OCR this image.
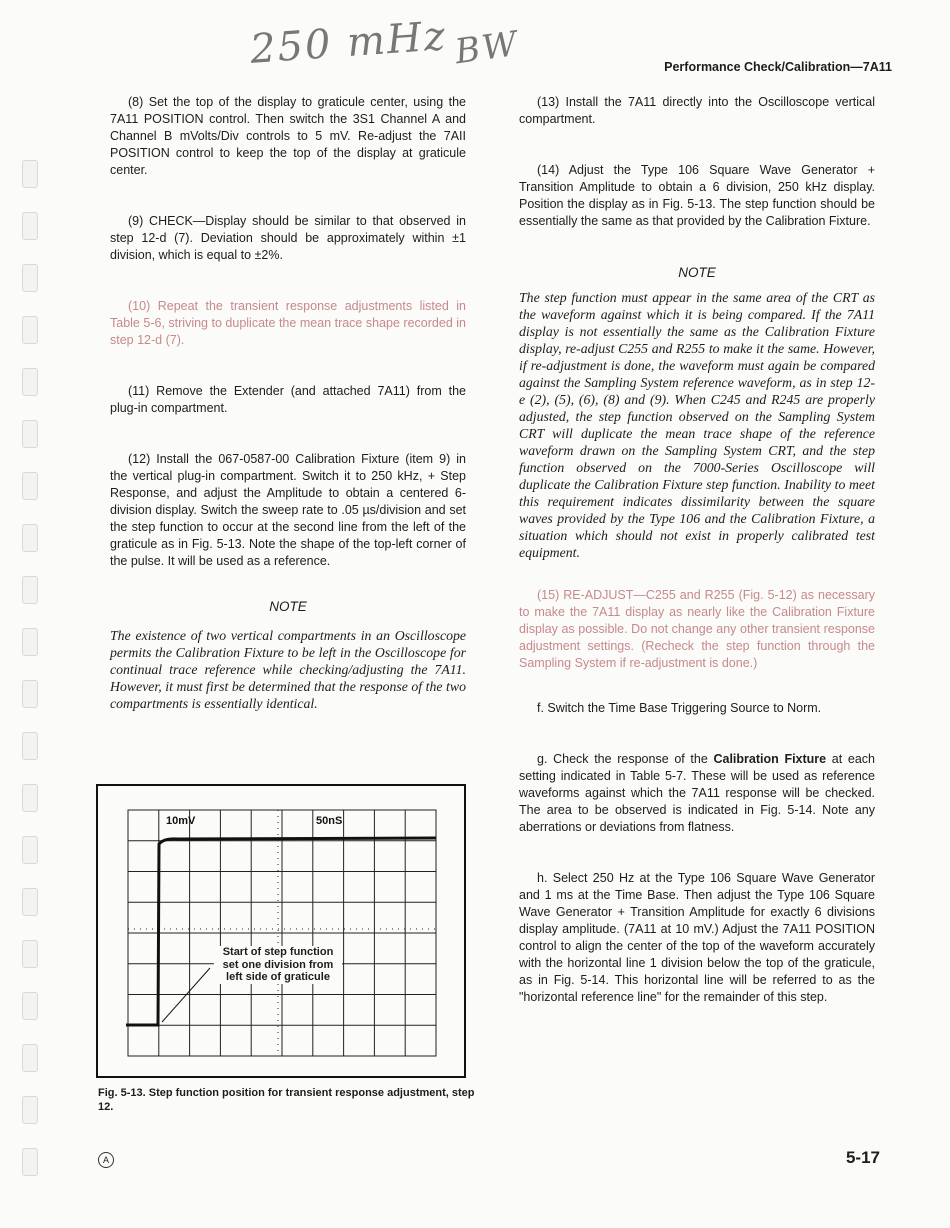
250 mHz BW	Performance Check/Calibration—7A11

(8) Set the top of the display to graticule center, using the 7A11 POSITION control. Then switch the 3S1 Channel A and Channel B mVolts/Div controls to 5 mV. Re-adjust the 7AII POSITION control to keep the top of the display at graticule center.

(9) CHECK—Display should be similar to that observed in step 12-d (7). Deviation should be approximately within ±1 division, which is equal to ±2%.

(10) Repeat the transient response adjustments listed in Table 5-6, striving to duplicate the mean trace shape recorded in step 12-d (7).

(11) Remove the Extender (and attached 7A11) from the plug-in compartment.

(12) Install the 067-0587-00 Calibration Fixture (item 9) in the vertical plug-in compartment. Switch it to 250 kHz, + Step Response, and adjust the Amplitude to obtain a centered 6-division display. Switch the sweep rate to .05 µs/division and set the step function to occur at the second line from the left of the graticule as in Fig. 5-13. Note the shape of the top-left corner of the pulse. It will be used as a reference.

NOTE

The existence of two vertical compartments in an Oscilloscope permits the Calibration Fixture to be left in the Oscilloscope for continual trace reference while checking/adjusting the 7A11. However, it must first be determined that the response of the two compartments is essentially identical.

10mV	50nS
Start of step function set one division from left side of graticule
Fig. 5-13. Step function position for transient response adjustment, step 12.

(13) Install the 7A11 directly into the Oscilloscope vertical compartment.

(14) Adjust the Type 106 Square Wave Generator + Transition Amplitude to obtain a 6 division, 250 kHz display. Position the display as in Fig. 5-13. The step function should be essentially the same as that provided by the Calibration Fixture.

NOTE

The step function must appear in the same area of the CRT as the waveform against which it is being compared. If the 7A11 display is not essentially the same as the Calibration Fixture display, re-adjust C255 and R255 to make it the same. However, if re-adjustment is done, the waveform must again be compared against the Sampling System reference waveform, as in step 12-e (2), (5), (6), (8) and (9). When C245 and R245 are properly adjusted, the step function observed on the Sampling System CRT will duplicate the mean trace shape of the reference waveform drawn on the Sampling System CRT, and the step function observed on the 7000-Series Oscilloscope will duplicate the Calibration Fixture step function. Inability to meet this requirement indicates dissimilarity between the square waves provided by the Type 106 and the Calibration Fixture, a situation which should not exist in properly calibrated test equipment.

(15) RE-ADJUST—C255 and R255 (Fig. 5-12) as necessary to make the 7A11 display as nearly like the Calibration Fixture display as possible. Do not change any other transient response adjustment settings. (Recheck the step function through the Sampling System if re-adjustment is done.)

f. Switch the Time Base Triggering Source to Norm.

g. Check the response of the Calibration Fixture at each setting indicated in Table 5-7. These will be used as reference waveforms against which the 7A11 response will be checked. The area to be observed is indicated in Fig. 5-14. Note any aberrations or deviations from flatness.

h. Select 250 Hz at the Type 106 Square Wave Generator and 1 ms at the Time Base. Then adjust the Type 106 Square Wave Generator + Transition Amplitude for exactly 6 divisions display amplitude. (7A11 at 10 mV.) Adjust the 7A11 POSITION control to align the center of the top of the waveform accurately with the horizontal line 1 division below the top of the graticule, as in Fig. 5-14. This horizontal line will be referred to as the "horizontal reference line" for the remainder of this step.

A	5-17
